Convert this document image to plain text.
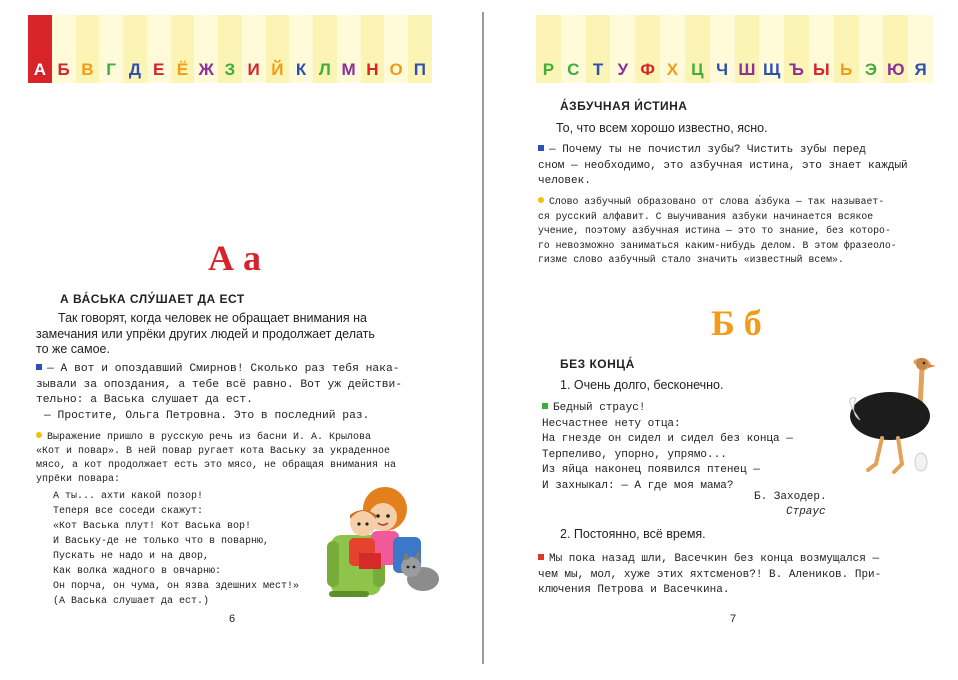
А Б В Г Д Е Ё Ж З И Й К Л М Н О П
А а
А ВА́СЬКА СЛУ́ШАЕТ ДА ЕСТ
Так говорят, когда человек не обращает внимания на
замечания или упрёки других людей и продолжает делать
то же самое.
— А вот и опоздавший Смирнов! Сколько раз тебя нака-
зывали за опоздания, а тебе всё равно. Вот уж действи-
тельно: а Васька слушает да ест.
— Простите, Ольга Петровна. Это в последний раз.
Выражение пришло в русскую речь из басни И. А. Крылова
«Кот и повар». В ней повар ругает кота Ваську за украденное
мясо, а кот продолжает есть это мясо, не обращая внимания на
упрёки повара:
А ты... ахти какой позор!
Теперя все соседи скажут:
«Кот Васька плут! Кот Васька вор!
И Ваську-де не только что в поварню,
Пускать не надо и на двор,
Как волка жадного в овчарню:
Он порча, он чума, он язва здешних мест!»
(А Васька слушает да ест.)
6
Р С Т У Ф Х Ц Ч Ш Щ Ъ Ы Ь Э Ю Я
А́ЗБУЧНАЯ И́СТИНА
То, что всем хорошо известно, ясно.
— Почему ты не почистил зубы? Чистить зубы перед
сном — необходимо, это азбучная истина, это знает каждый
человек.
Слово азбучный образовано от слова а́збука — так называет-
ся русский алфавит. С выучивания азбуки начинается всякое
учение, поэтому азбучная истина — это то знание, без которо-
го невозможно заниматься каким-нибудь делом. В этом фразеоло-
гизме слово азбучный стало значить «известный всем».
Б б
БЕЗ КОНЦА́
1. Очень долго, бесконечно.
Бедный страус!
Несчастнее нету отца:
На гнезде он сидел и сидел без конца —
Терпеливо, упорно, упрямо...
Из яйца наконец появился птенец —
И захныкал: — А где моя мама?
Б. Заходер.
Страус
2. Постоянно, всё время.
Мы пока назад шли, Васечкин без конца возмущался —
чем мы, мол, хуже этих яхтсменов?! В. Алеников. При-
ключения Петрова и Васечкина.
7
